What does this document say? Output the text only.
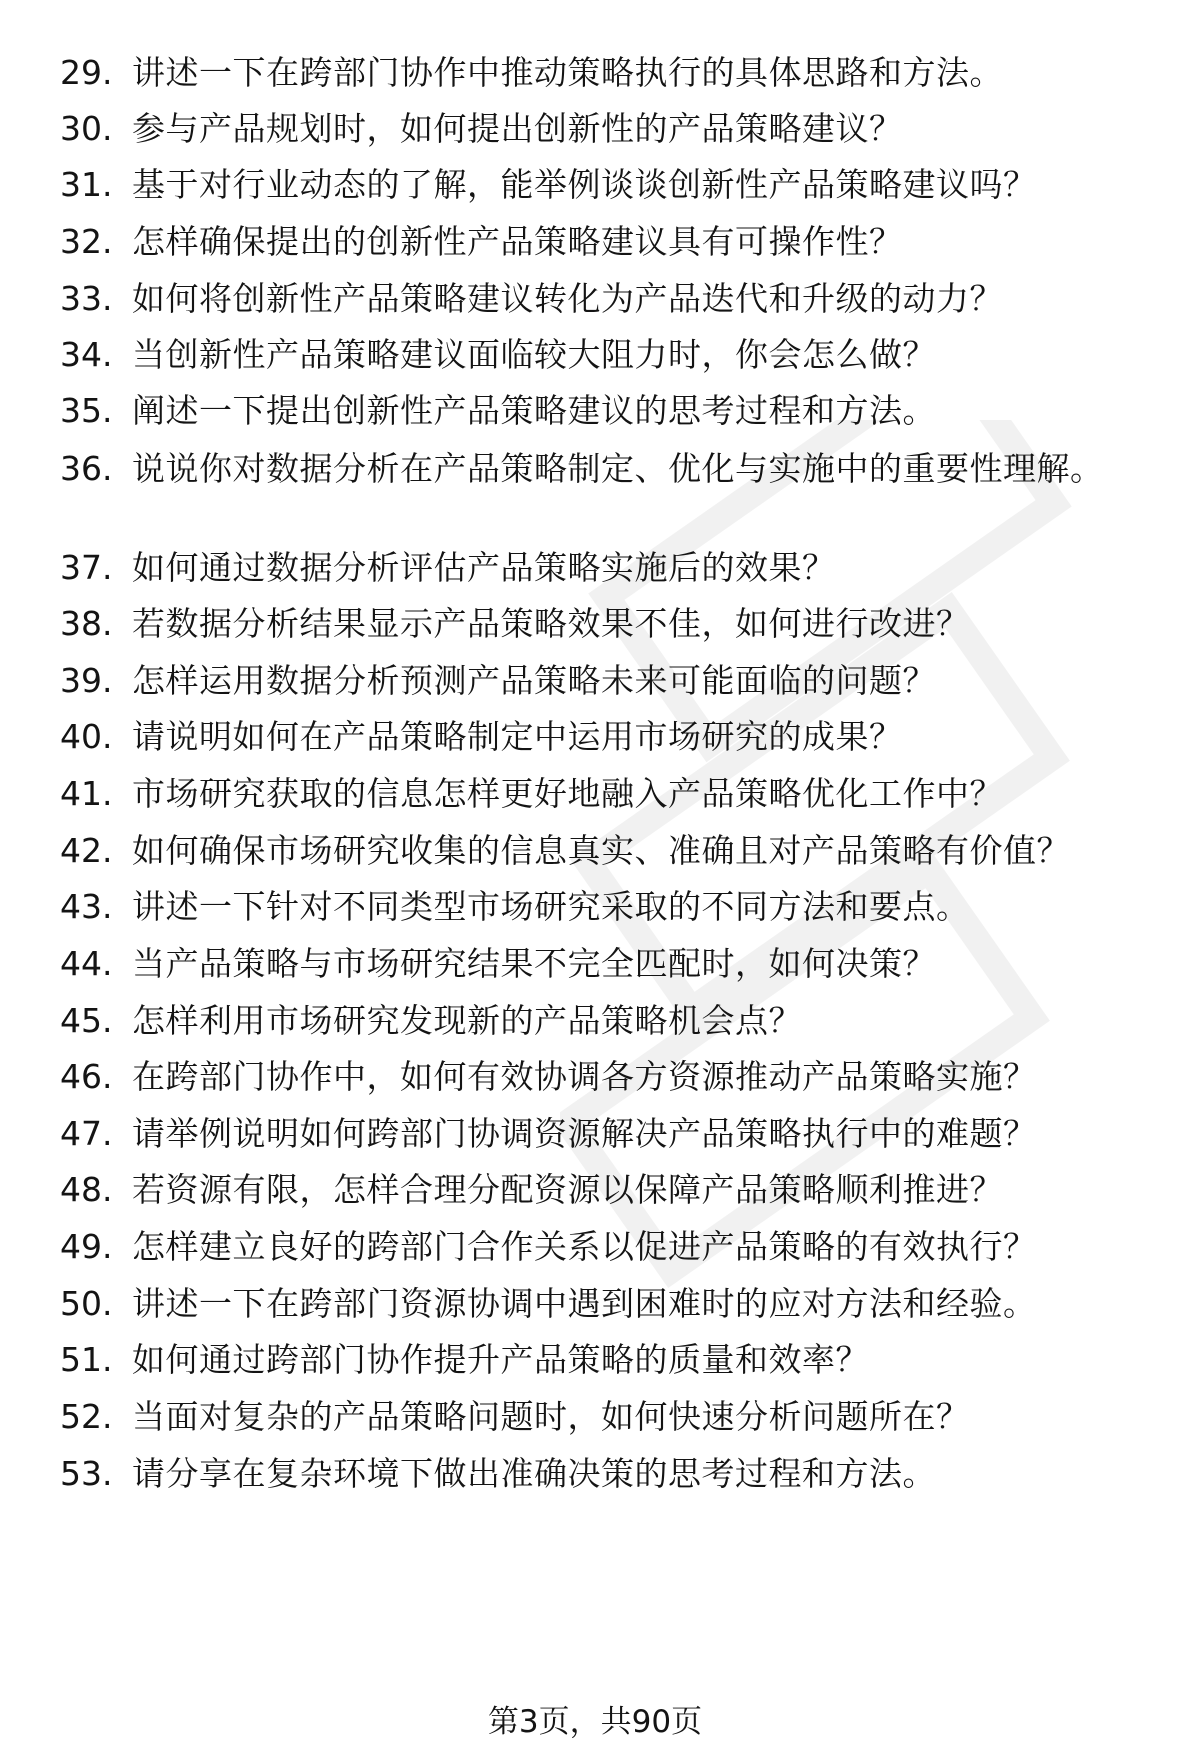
29. 讲述一下在跨部门协作中推动策略执行的具体思路和方法。
30. 参与产品规划时，如何提出创新性的产品策略建议？
31. 基于对行业动态的了解，能举例谈谈创新性产品策略建议吗？
32. 怎样确保提出的创新性产品策略建议具有可操作性？
33. 如何将创新性产品策略建议转化为产品迭代和升级的动力？
34. 当创新性产品策略建议面临较大阻力时，你会怎么做？
35. 阐述一下提出创新性产品策略建议的思考过程和方法。
36. 说说你对数据分析在产品策略制定、优化与实施中的重要性理解。
37. 如何通过数据分析评估产品策略实施后的效果？
38. 若数据分析结果显示产品策略效果不佳，如何进行改进？
39. 怎样运用数据分析预测产品策略未来可能面临的问题？
40. 请说明如何在产品策略制定中运用市场研究的成果？
41. 市场研究获取的信息怎样更好地融入产品策略优化工作中？
42. 如何确保市场研究收集的信息真实、准确且对产品策略有价值？
43. 讲述一下针对不同类型市场研究采取的不同方法和要点。
44. 当产品策略与市场研究结果不完全匹配时，如何决策？
45. 怎样利用市场研究发现新的产品策略机会点？
46. 在跨部门协作中，如何有效协调各方资源推动产品策略实施？
47. 请举例说明如何跨部门协调资源解决产品策略执行中的难题？
48. 若资源有限，怎样合理分配资源以保障产品策略顺利推进？
49. 怎样建立良好的跨部门合作关系以促进产品策略的有效执行？
50. 讲述一下在跨部门资源协调中遇到困难时的应对方法和经验。
51. 如何通过跨部门协作提升产品策略的质量和效率？
52. 当面对复杂的产品策略问题时，如何快速分析问题所在？
53. 请分享在复杂环境下做出准确决策的思考过程和方法。
第3页，共90页
